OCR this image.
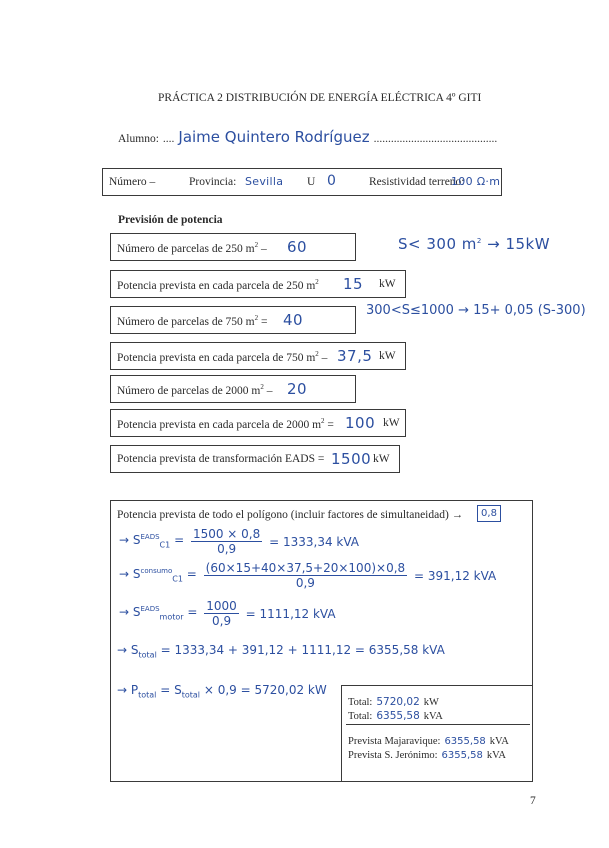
PRÁCTICA 2 DISTRIBUCIÓN DE ENERGÍA ELÉCTRICA 4º GITI
Alumno: .... Jaime Quintero Rodríguez ...........................................
Número –	Provincia: Sevilla U 0	Resistividad terreno:
100 Ω·m
Previsión de potencia
Número de parcelas de 250 $m^2 - 60$
Potencia prevista en cada parcela de 250 $m^2$ 15 kW
Número de parcelas de 750 $m^2 = 40$
Potencia prevista en cada parcela de 750 $m^2 - 37,5$ kW
Número de parcelas de 2000 $m^2 - 20$
Potencia prevista en cada parcela de 2000 $m^2 = 100$ kW
Potencia prevista de transformación EADS = 1500 kW
S< 300 $m^2 \to 15kW$
300<S≤1000 → 15+ 0,05 (S-300)
Potencia prevista de todo el polígono (incluir factores de simultaneidad) →	0,8
→ $S^{EADS}_{C1} = \frac{1500 \times 0,8}{0,9} = 1333,34$ kVA
→ $S^{consumo}_{C1} = \frac{(60\times 15+40\times 37,5+20\times 100)\times 0,8}{0,9} = 391,12$ kVA
→ $S^{EADS}_{motor} = \frac{1000}{0,9} = 1111,12$ kVA
→ $S_{total} = 1333,34 + 391,12 + 1111,12 = 6355,58$ kVA
→ $P_{total} = S_{total} \times 0,9 = 5720,02$ kW
Total: 5720,02 kW
Total: 6355,58 kVA
Prevista Majaravique: 6355,58 kVA
Prevista S. Jerónimo: 6355,58 kVA
7
